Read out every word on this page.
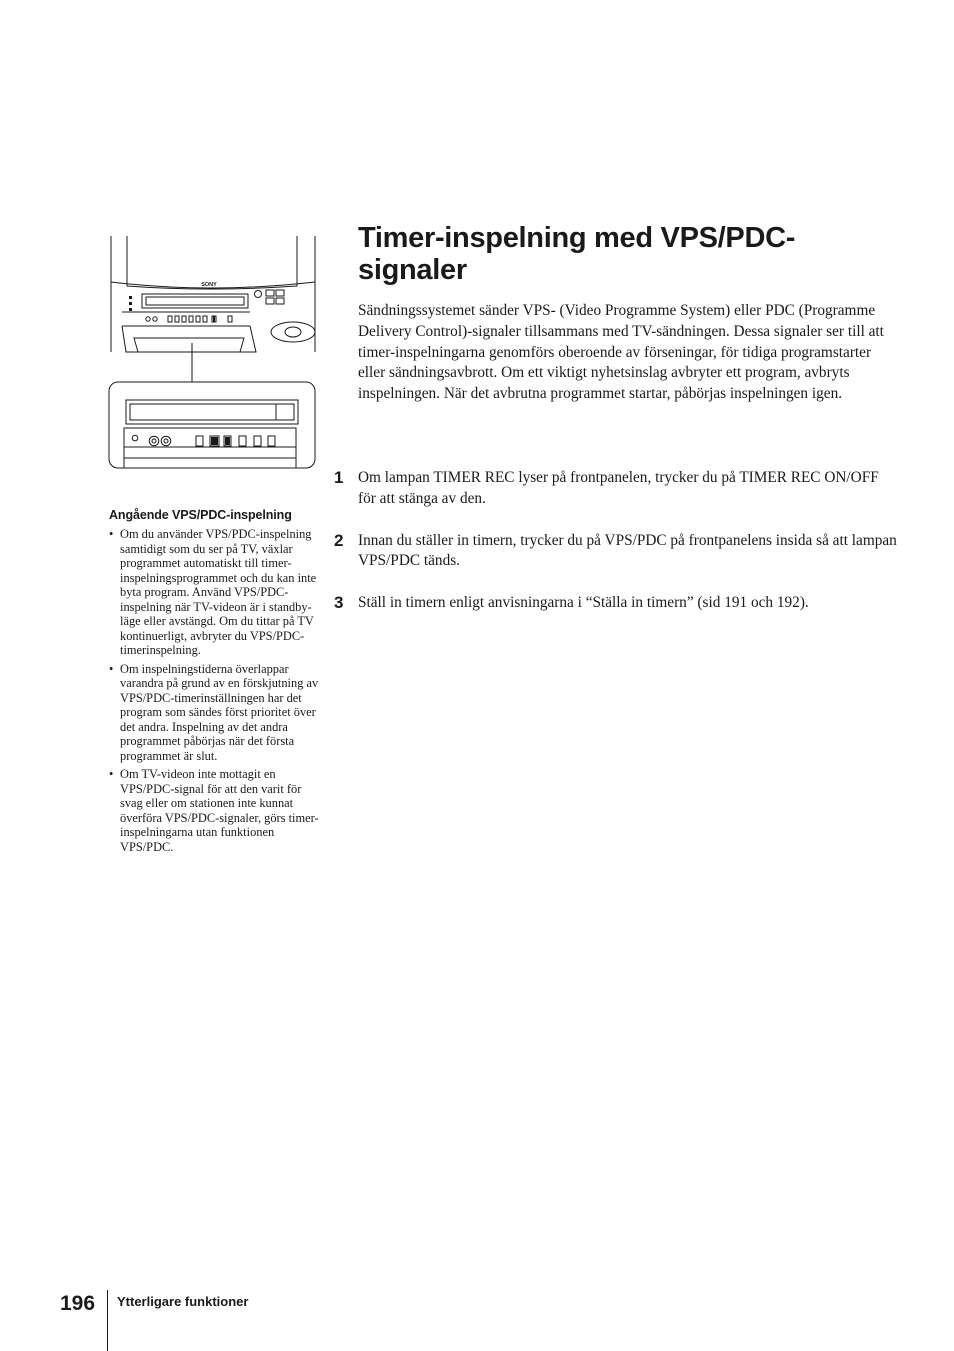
SONY

Angående VPS/PDC-inspelning

• Om du använder VPS/PDC-inspelning samtidigt som du ser på TV, växlar programmet automatiskt till timer-inspelningsprogrammet och du kan inte byta program. Använd VPS/PDC-inspelning när TV-videon är i standby-läge eller avstängd. Om du tittar på TV kontinuerligt, avbryter du VPS/PDC-timerinspelning.
• Om inspelningstiderna överlappar varandra på grund av en förskjutning av VPS/PDC-timerinställningen har det program som sändes först prioritet över det andra. Inspelning av det andra programmet påbörjas när det första programmet är slut.
• Om TV-videon inte mottagit en VPS/PDC-signal för att den varit för svag eller om stationen inte kunnat överföra VPS/PDC-signaler, görs timer-inspelningarna utan funktionen VPS/PDC.
Timer-inspelning med VPS/PDC-signaler

Sändningssystemet sänder VPS- (Video Programme System) eller PDC (Programme Delivery Control)-signaler tillsammans med TV-sändningen. Dessa signaler ser till att timer-inspelningarna genomförs oberoende av förseningar, för tidiga programstarter eller sändningsavbrott. Om ett viktigt nyhetsinslag avbryter ett program, avbryts inspelningen. När det avbrutna programmet startar, påbörjas inspelningen igen.

1 Om lampan TIMER REC lyser på frontpanelen, trycker du på TIMER REC ON/OFF för att stänga av den.
2 Innan du ställer in timern, trycker du på VPS/PDC på frontpanelens insida så att lampan VPS/PDC tänds.
3 Ställ in timern enligt anvisningarna i “Ställa in timern” (sid 191 och 192).

196 Ytterligare funktioner
